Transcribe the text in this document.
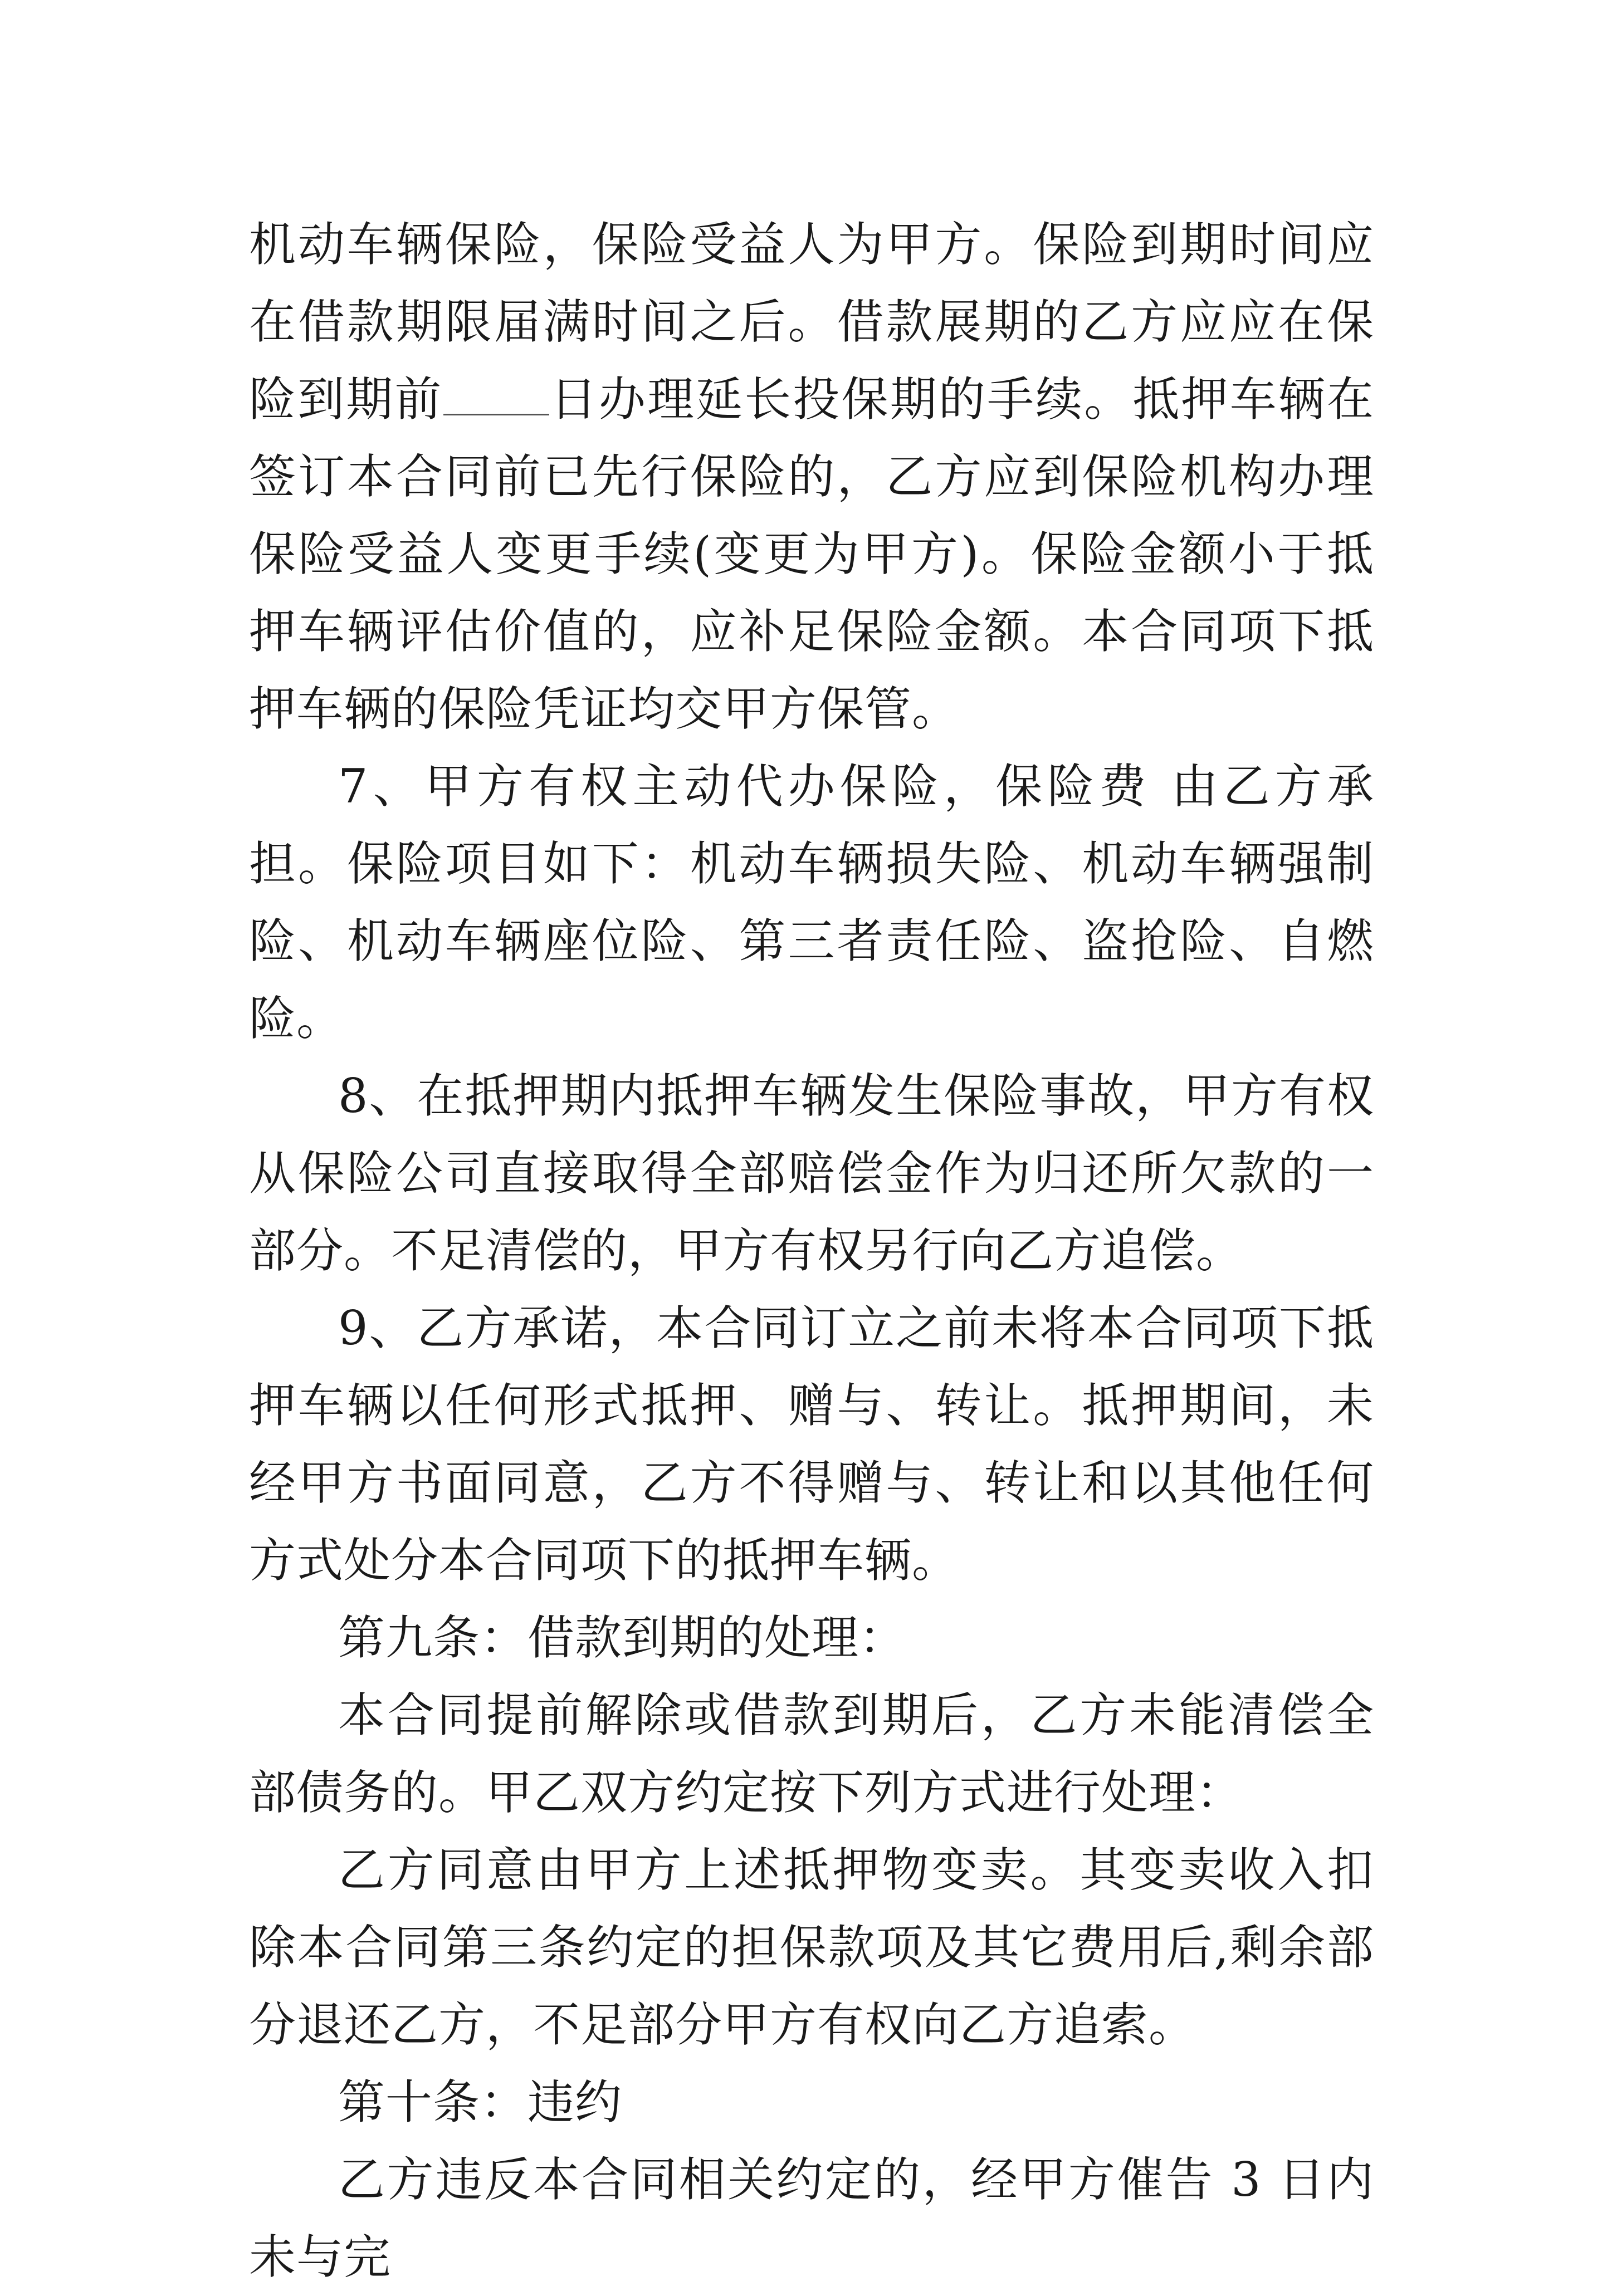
机动车辆保险，保险受益人为甲方。保险到期时间应在借款期限届满时间之后。借款展期的乙方应应在保险到期前 日办理延长投保期的手续。抵押车辆在签订本合同前已先行保险的，乙方应到保险机构办理保险受益人变更手续(变更为甲方)。保险金额小于抵押车辆评估价值的，应补足保险金额。本合同项下抵押车辆的保险凭证均交甲方保管。

7、甲方有权主动代办保险，保险费 由乙方承担。保险项目如下：机动车辆损失险、机动车辆强制险、机动车辆座位险、第三者责任险、盗抢险、自燃险。

8、在抵押期内抵押车辆发生保险事故，甲方有权从保险公司直接取得全部赔偿金作为归还所欠款的一部分。不足清偿的，甲方有权另行向乙方追偿。

9、乙方承诺，本合同订立之前未将本合同项下抵押车辆以任何形式抵押、赠与、转让。抵押期间，未经甲方书面同意，乙方不得赠与、转让和以其他任何方式处分本合同项下的抵押车辆。

第九条：借款到期的处理：

本合同提前解除或借款到期后，乙方未能清偿全部债务的。甲乙双方约定按下列方式进行处理：

乙方同意由甲方上述抵押物变卖。其变卖收入扣除本合同第三条约定的担保款项及其它费用后,剩余部分退还乙方，不足部分甲方有权向乙方追索。

第十条：违约

乙方违反本合同相关约定的，经甲方催告 3 日内未与完
